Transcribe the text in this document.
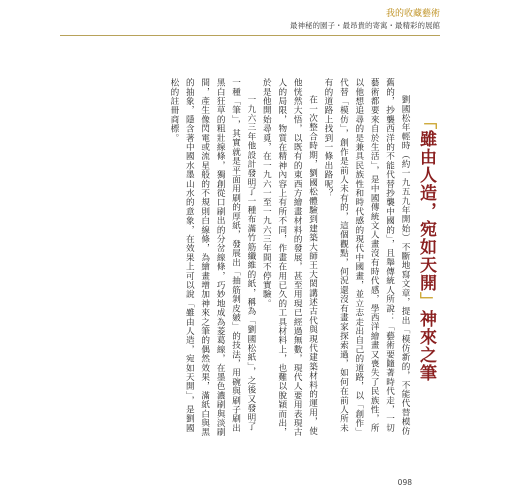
我的收藏藝術
最神秘的園子・最昂貴的寄寓・最精彩的展館
「雖由人造，宛如天開」神來之筆

劉國松年輕時（約一九五九年開始）不斷地寫文章，提出「模仿新的，不能代替模仿舊的，抄襲西洋的不能代替抄襲中國的」，且舉傳統人所說：「藝術要隨著時代走，一切藝術都要來自於生活」，是中國傳統文人畫沒有時代感，學西洋繪畫又喪失了民族性，所以他想追尋的是兼具民族性和時代感的現代中國畫，並立志走出自己的道路，以「創作」代替「模仿」，創作是前人未有的，這個觀點，何況還沒有畫家探索過，如何在前人所未有的道路上找到一條出路呢？

在一次整合時期，劉國松體驗到建築大師王大閎講述古代與現代建築材料的運用，使他恍然大悟，以既有的東西方繪畫材料的發展，甚至用現已經過無數，現代人要用表現古人的局限，物質在精神內容上有所不同，作畫在用已久的工具材料上，也難以脫穎而出，於是他開始尋覓，在一九六一至一九六三年間不停實驗。

一九六三年他設計發明了一種布滿竹筋纖維的紙，稱為「劉國松紙」，之後又發明了一種「筆」，其實就是平面用刷的厚紙，發展出「抽筋剝皮皴」的技法，用碗與刷子刷出黑白狂草的粗壯線條，獨創從口刷出的分岔線條，巧妙地成為菱葛線，在墨色濃刷與淡刷間，產生像閃電或流星般的不規則白線條，為繪畫增加神來之筆的偶然效果，滿紙白與黑的抽象，隱含著中國水墨山水的意象，在效果上可以說「雖由人造，宛如天開」，是劉國松的註冊商標。

098
